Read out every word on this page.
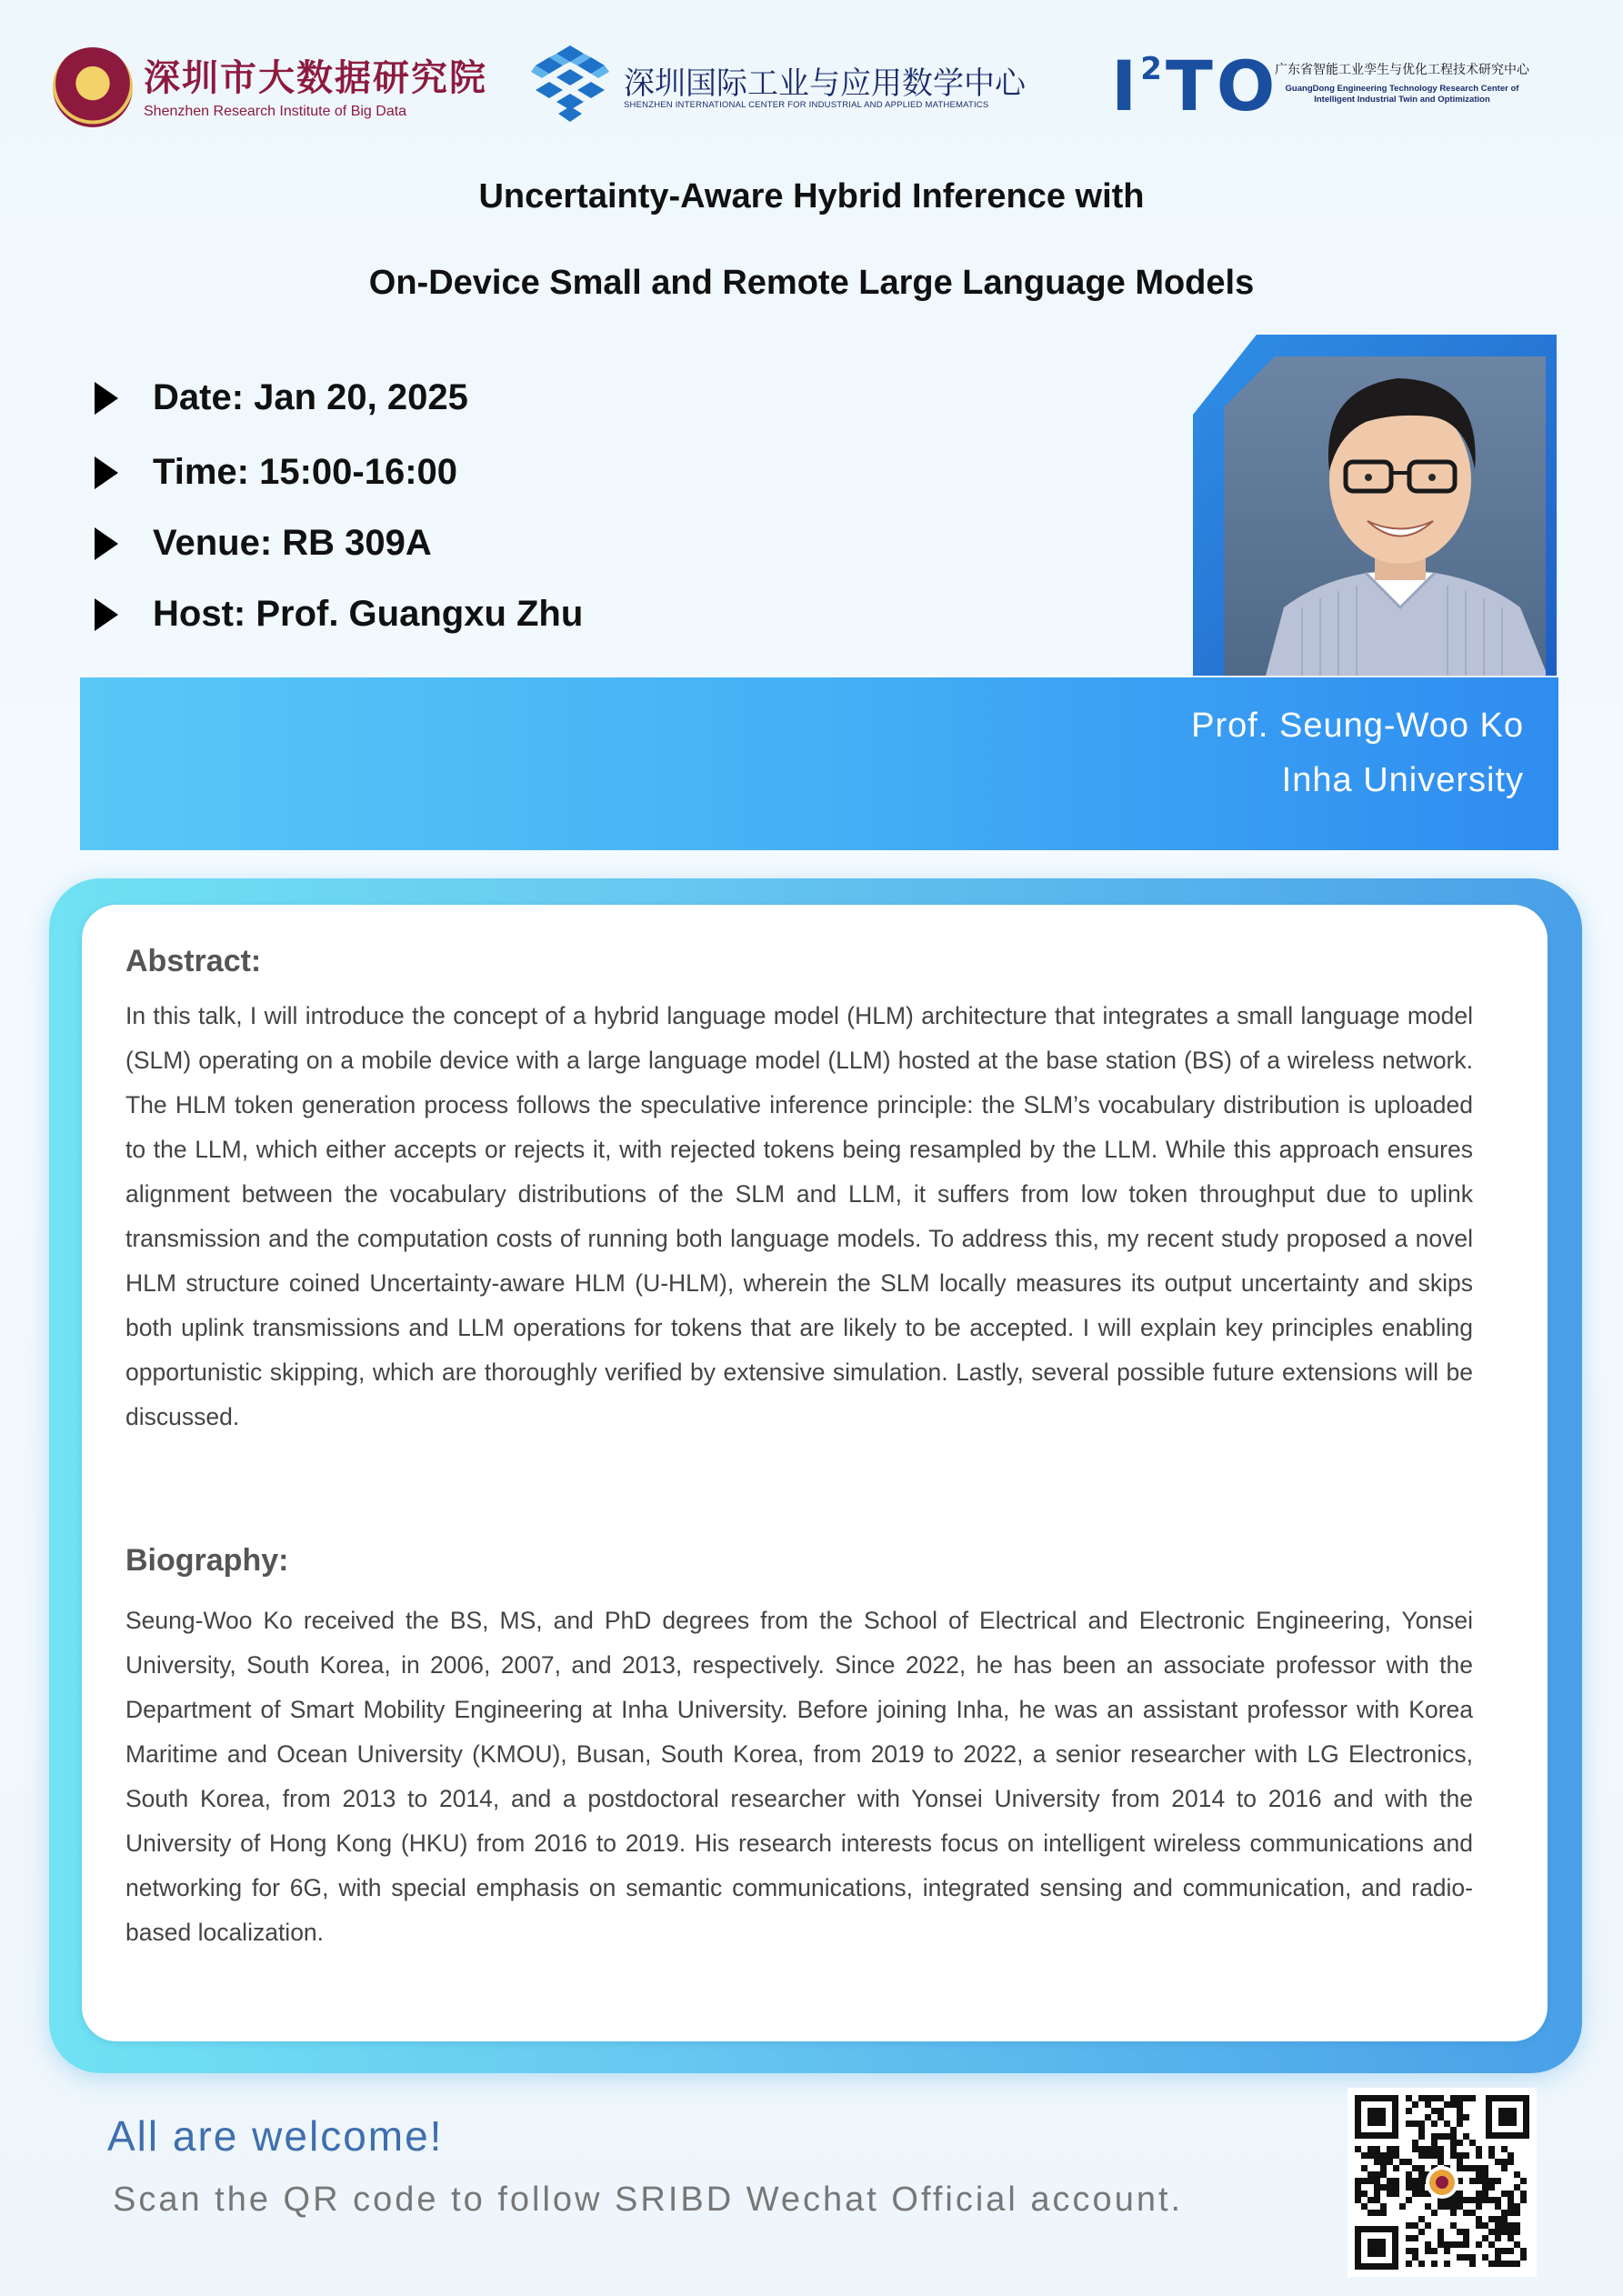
深圳市大数据研究院
Shenzhen Research Institute of Big Data
深圳国际工业与应用数学中心
SHENZHEN INTERNATIONAL CENTER FOR INDUSTRIAL AND APPLIED MATHEMATICS $I^2TO$
广东省智能工业孪生与优化工程技术研究中心
GuangDong Engineering Technology Research Center of
Intelligent Industrial Twin and Optimization
Uncertainty-Aware Hybrid Inference with
On-Device Small and Remote Large Language Models
Date: Jan 20, 2025
Time: 15:00-16:00
Venue: RB 309A
Host: Prof. Guangxu Zhu
Prof. Seung-Woo Ko
Inha University
Abstract:
In this talk, I will introduce the concept of a hybrid language model (HLM) architecture that integrates a small language model (SLM) operating on a mobile device with a large language model (LLM) hosted at the base station (BS) of a wireless network. The HLM token generation process follows the speculative inference principle: the SLM’s vocabulary distribution is uploaded to the LLM, which either accepts or rejects it, with rejected tokens being resampled by the LLM. While this approach ensures alignment between the vocabulary distributions of the SLM and LLM, it suffers from low token throughput due to uplink transmission and the computation costs of running both language models. To address this, my recent study proposed a novel HLM structure coined Uncertainty-aware HLM (U-HLM), wherein the SLM locally measures its output uncertainty and skips both uplink transmissions and LLM operations for tokens that are likely to be accepted. I will explain key principles enabling opportunistic skipping, which are thoroughly verified by extensive simulation. Lastly, several possible future extensions will be discussed.
Biography:
Seung-Woo Ko received the BS, MS, and PhD degrees from the School of Electrical and Electronic Engineering, Yonsei University, South Korea, in 2006, 2007, and 2013, respectively. Since 2022, he has been an associate professor with the Department of Smart Mobility Engineering at Inha University. Before joining Inha, he was an assistant professor with Korea Maritime and Ocean University (KMOU), Busan, South Korea, from 2019 to 2022, a senior researcher with LG Electronics, South Korea, from 2013 to 2014, and a postdoctoral researcher with Yonsei University from 2014 to 2016 and with the University of Hong Kong (HKU) from 2016 to 2019. His research interests focus on intelligent wireless communications and networking for 6G, with special emphasis on semantic communications, integrated sensing and communication, and radio-based localization.
All are welcome!
Scan the QR code to follow SRIBD Wechat Official account.
